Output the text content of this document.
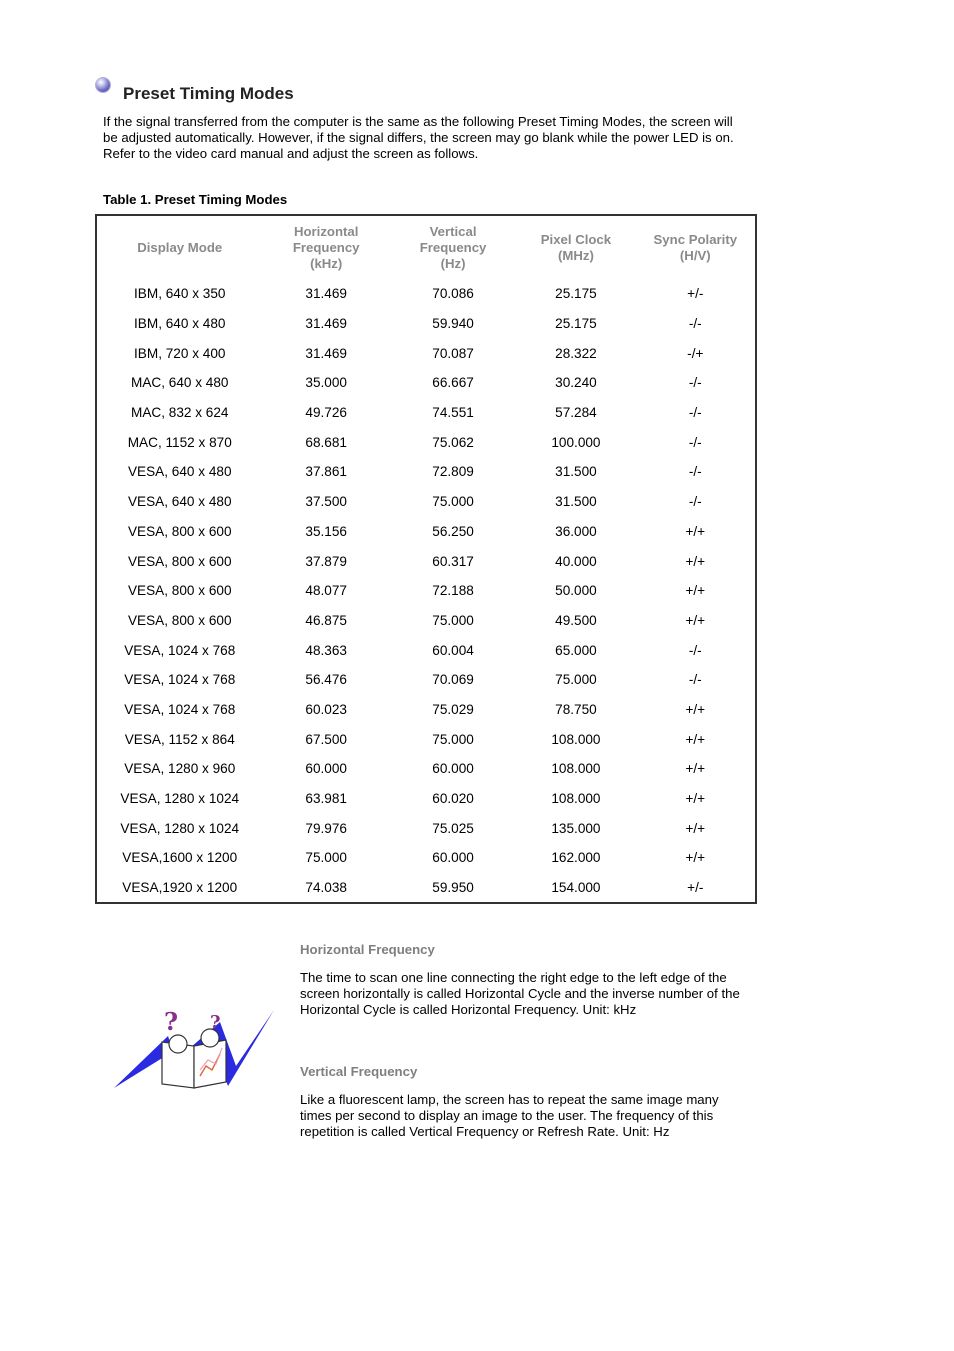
Preset Timing Modes

If the signal transferred from the computer is the same as the following Preset Timing Modes, the screen will be adjusted automatically. However, if the signal differs, the screen may go blank while the power LED is on. Refer to the video card manual and adjust the screen as follows.

Table 1. Preset Timing Modes

Display Mode	Horizontal
Frequency
(kHz)	Vertical
Frequency
(Hz)	Pixel Clock
(MHz)	Sync Polarity
(H/V)

IBM, 640 x 350	31.469	70.086	25.175	+/-
IBM, 640 x 480	31.469	59.940	25.175	-/-
IBM, 720 x 400	31.469	70.087	28.322	-/+
MAC, 640 x 480	35.000	66.667	30.240	-/-
MAC, 832 x 624	49.726	74.551	57.284	-/-
MAC, 1152 x 870	68.681	75.062	100.000	-/-
VESA, 640 x 480	37.861	72.809	31.500	-/-
VESA, 640 x 480	37.500	75.000	31.500	-/-
VESA, 800 x 600	35.156	56.250	36.000	+/+
VESA, 800 x 600	37.879	60.317	40.000	+/+
VESA, 800 x 600	48.077	72.188	50.000	+/+
VESA, 800 x 600	46.875	75.000	49.500	+/+
VESA, 1024 x 768	48.363	60.004	65.000	-/-
VESA, 1024 x 768	56.476	70.069	75.000	-/-
VESA, 1024 x 768	60.023	75.029	78.750	+/+
VESA, 1152 x 864	67.500	75.000	108.000	+/+
VESA, 1280 x 960	60.000	60.000	108.000	+/+
VESA, 1280 x 1024	63.981	60.020	108.000	+/+
VESA, 1280 x 1024	79.976	75.025	135.000	+/+
VESA,1600 x 1200	75.000	60.000	162.000	+/+
VESA,1920 x 1200	74.038	59.950	154.000	+/-
? ?
Horizontal Frequency

The time to scan one line connecting the right edge to the left edge of the screen horizontally is called Horizontal Cycle and the inverse number of the Horizontal Cycle is called Horizontal Frequency. Unit: kHz

Vertical Frequency

Like a fluorescent lamp, the screen has to repeat the same image many times per second to display an image to the user. The frequency of this repetition is called Vertical Frequency or Refresh Rate. Unit: Hz
